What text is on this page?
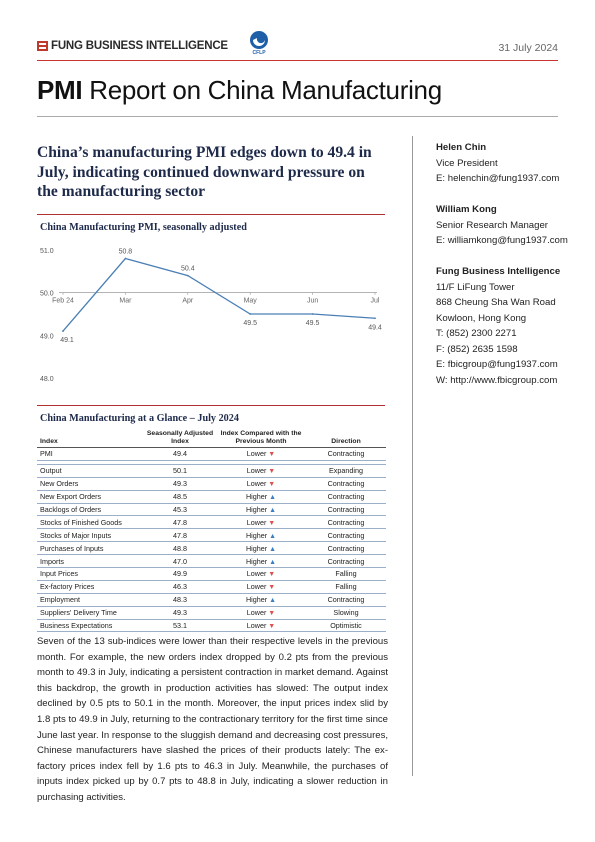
FUNG BUSINESS INTELLIGENCE
CFLP	31 July 2024
PMI Report on China Manufacturing
China’s manufacturing PMI edges down to 49.4 in July, indicating continued downward pressure on the manufacturing sector
Helen Chin
Vice President
E: helenchin@fung1937.com
William Kong
Senior Research Manager
E: williamkong@fung1937.com
Fung Business Intelligence
11/F LiFung Tower
868 Cheung Sha Wan Road
Kowloon, Hong Kong
T: (852) 2300 2271
F: (852) 2635 1598
E: fbicgroup@fung1937.com
W: http://www.fbicgroup.com
China Manufacturing PMI, seasonally adjusted
51.0
50.0
49.0
48.0
Feb 24	Mar	Apr	May	Jun	Jul
49.1
50.8
50.4
49.5	49.5
49.4
China Manufacturing at a Glance – July 2024
Index	Seasonally Adjusted Index	Index Compared with the Previous Month	Direction
PMI	49.4	Lower ▼	Contracting

Output	50.1	Lower ▼	Expanding
New Orders	49.3	Lower ▼	Contracting
New Export Orders	48.5	Higher ▲	Contracting
Backlogs of Orders	45.3	Higher ▲	Contracting
Stocks of Finished Goods	47.8	Lower ▼	Contracting
Stocks of Major Inputs	47.8	Higher ▲	Contracting
Purchases of Inputs	48.8	Higher ▲	Contracting
Imports	47.0	Higher ▲	Contracting
Input Prices	49.9	Lower ▼	Falling
Ex-factory Prices	46.3	Lower ▼	Falling
Employment	48.3	Higher ▲	Contracting
Suppliers' Delivery Time	49.3	Lower ▼	Slowing
Business Expectations	53.1	Lower ▼	Optimistic
Seven of the 13 sub-indices were lower than their respective levels in the previous month. For example, the new orders index dropped by 0.2 pts from the previous month to 49.3 in July, indicating a persistent contraction in market demand. Against this backdrop, the growth in production activities has slowed: The output index declined by 0.5 pts to 50.1 in the month. Moreover, the input prices index slid by 1.8 pts to 49.9 in July, returning to the contractionary territory for the first time since June last year. In response to the sluggish demand and decreasing cost pressures, Chinese manufacturers have slashed the prices of their products lately: The ex-factory prices index fell by 1.6 pts to 46.3 in July. Meanwhile, the purchases of inputs index picked up by 0.7 pts to 48.8 in July, indicating a slower reduction in purchasing activities.
